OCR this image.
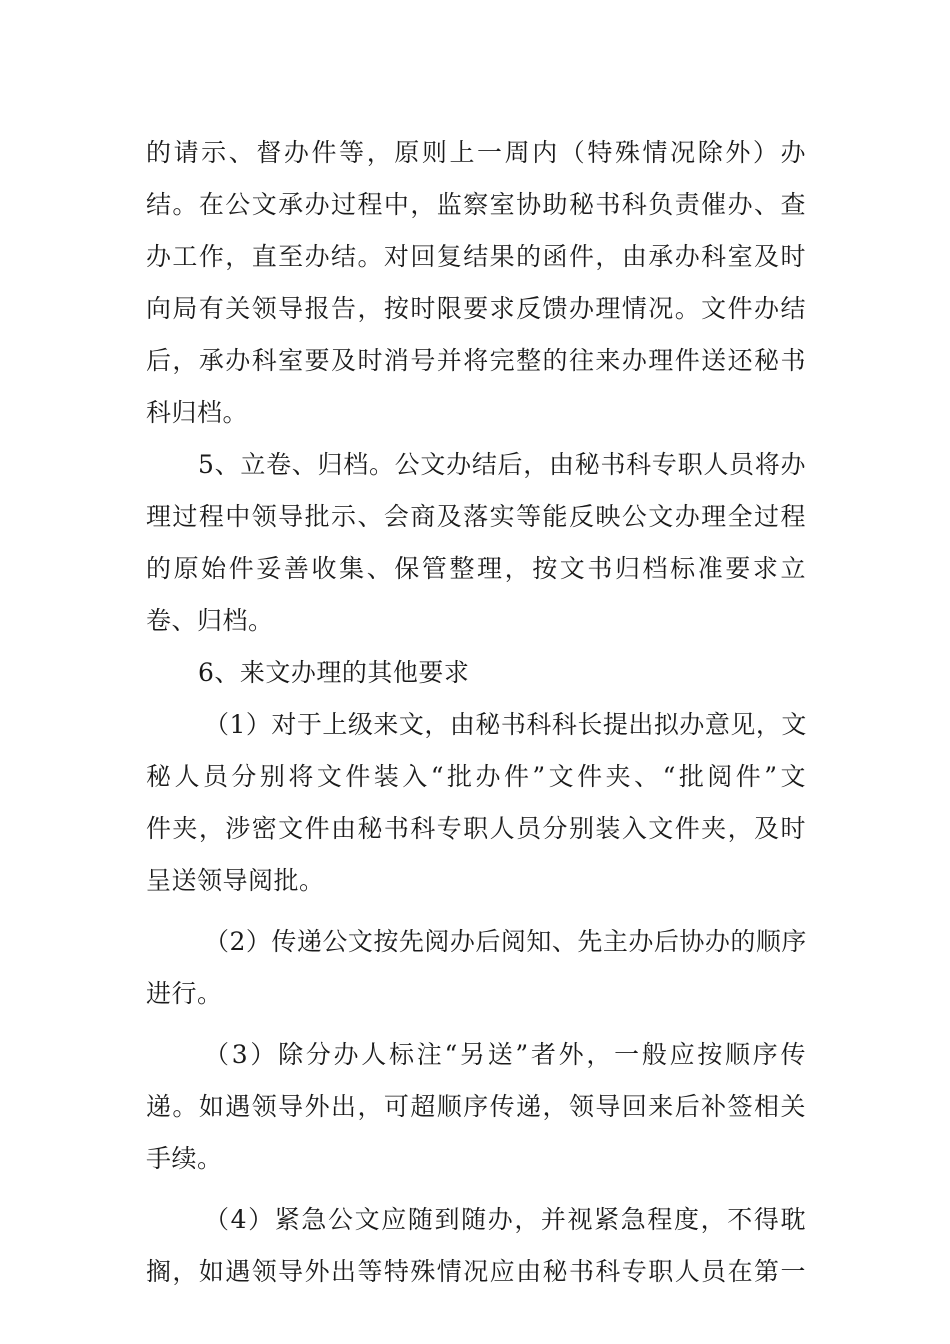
的请示、督办件等，原则上一周内（特殊情况除外）办
结。在公文承办过程中，监察室协助秘书科负责催办、查
办工作，直至办结。对回复结果的函件，由承办科室及时
向局有关领导报告，按时限要求反馈办理情况。文件办结
后，承办科室要及时消号并将完整的往来办理件送还秘书
科归档。
5、立卷、归档。公文办结后，由秘书科专职人员将办
理过程中领导批示、会商及落实等能反映公文办理全过程
的原始件妥善收集、保管整理，按文书归档标准要求立
卷、归档。
6、来文办理的其他要求
（1）对于上级来文，由秘书科科长提出拟办意见，文
秘人员分别将文件装入“批办件”文件夹、“批阅件”文
件夹，涉密文件由秘书科专职人员分别装入文件夹，及时
呈送领导阅批。
（2）传递公文按先阅办后阅知、先主办后协办的顺序
进行。
（3）除分办人标注“另送”者外，一般应按顺序传
递。如遇领导外出，可超顺序传递，领导回来后补签相关
手续。
（4）紧急公文应随到随办，并视紧急程度，不得耽
搁，如遇领导外出等特殊情况应由秘书科专职人员在第一
